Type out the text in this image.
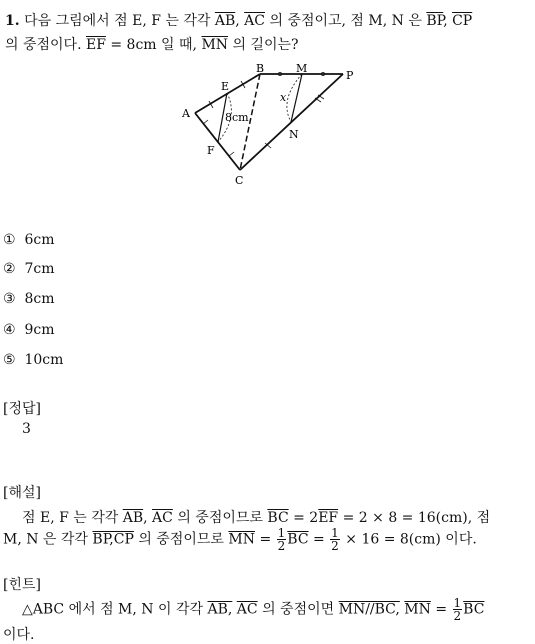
1. 다음 그림에서 점 E, F 는 각각 $\overline{AB}$, $\overline{AC}$ 의 중점이고, 점 M, N 은 $\overline{BP}$, $\overline{CP}$
의 중점이다. $\overline{EF} = 8cm$ 일 때, $\overline{MN}$ 의 길이는?
B	M
P
E
A	8cm
x
N
F
C
① 6cm
② 7cm
③ 8cm
④ 9cm
⑤ 10cm
[정답]
3
[해설]
점 E, F 는 각각 $\overline{AB}$, $\overline{AC}$ 의 중점이므로 $\overline{BC} = 2\overline{EF} = 2 \times 8 = 16(cm)$, 점
M, N 은 각각 BP,CP 의 중점이므로 $\overline{MN} = \frac{1}{2} \overline{BC} = \frac{1}{2} \times 16 = 8(cm)$ 이다.
[힌트]
△ABC 에서 점 M, N 이 각각 AB, $\overline{AC}$ 의 중점이면 MN//BC, $\overline{MN} = \frac{1}{2} \overline{BC}$
이다.
